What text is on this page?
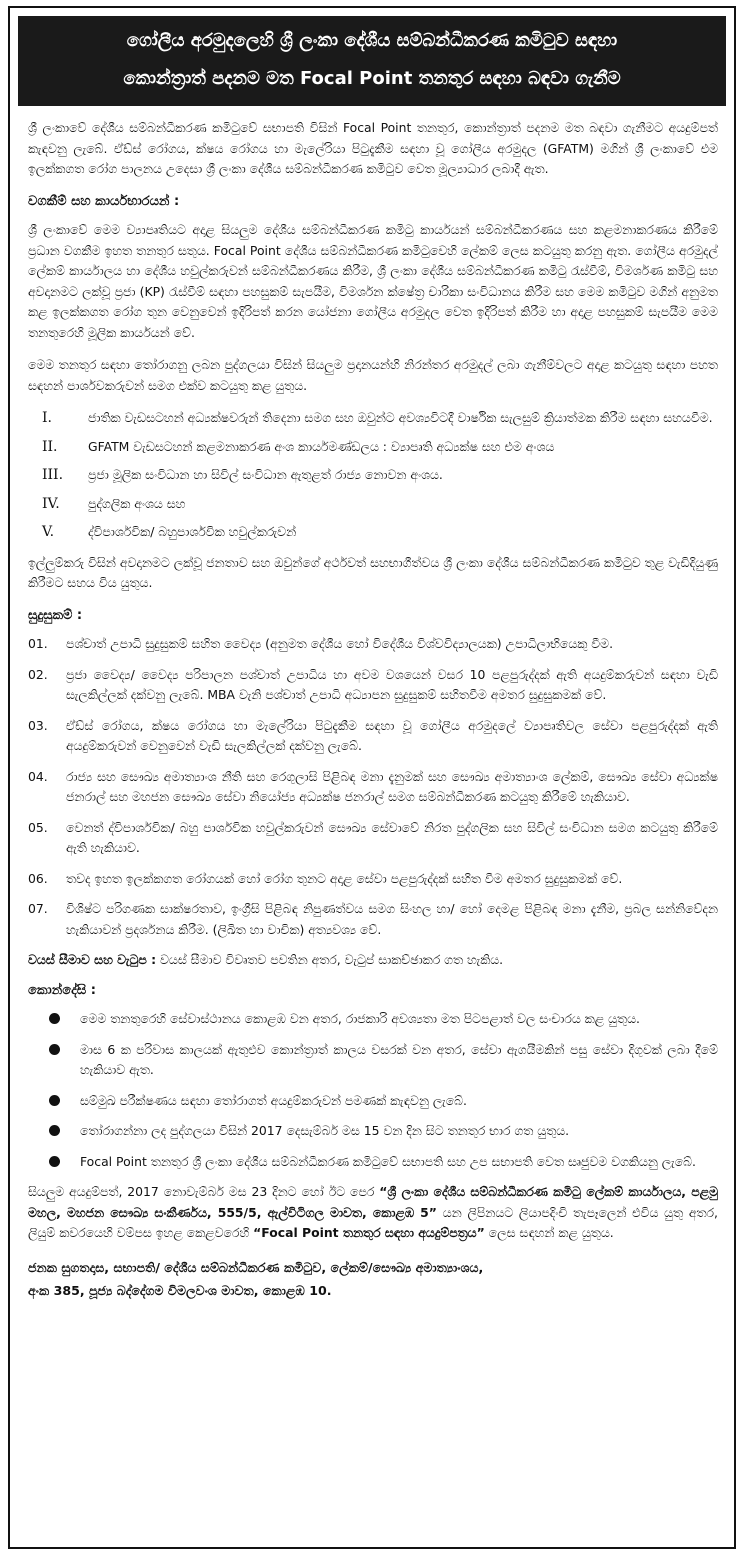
ගෝලීය අරමුදලෙහි ශ්‍රී ලංකා දේශීය සම්බන්ධීකරණ කමිටුව සඳහා
කොන්ත්‍රාත් පදනම මත Focal Point තනතුර සඳහා බඳවා ගැනීම

ශ්‍රී ලංකාවේ දේශීය සම්බන්ධීකරණ කමිටුවේ සභාපති විසින් Focal Point තනතුර, කොන්ත්‍රාත් පදනම මත බඳවා ගැනීමට අයදුම්පත් කැඳවනු ලැබේ. ඒඩ්ස් රෝගය, ක්ෂය රෝගය හා මැලේරියා පිටුදැකීම සඳහා වූ ගෝලීය අරමුදල (GFATM) මගින් ශ්‍රී ලංකාවේ එම ඉලක්කගත රෝග පාලනය උදෙසා ශ්‍රී ලංකා දේශීය සම්බන්ධීකරණ කමිටුව වෙත මූල්‍යාධාර ලබාදී ඇත.

වගකීම් සහ කාර්යභාරයන් :

ශ්‍රී ලංකාවේ මෙම ව්‍යාපෘතියට අදාළ සියලුම දේශීය සම්බන්ධීකරණ කමිටු කාර්යයන් සම්බන්ධීකරණය සහ කළමනාකරණය කිරීමේ ප්‍රධාන වගකීම ඉහත තනතුර සතුය. Focal Point දේශීය සම්බන්ධීකරණ කමිටුවෙහි ලේකම් ලෙස කටයුතු කරනු ඇත. ගෝලීය අරමුදල් ලේකම් කාර්යාලය හා දේශීය හවුල්කරුවන් සම්බන්ධීකරණය කිරීම, ශ්‍රී ලංකා දේශීය සම්බන්ධීකරණ කමිටු රැස්වීම්, විමර්ශණ කමිටු සහ අවදානමට ලක්වූ ප්‍රජා (KP) රැස්වීම් සඳහා පහසුකම් සැපයීම, විමර්ශන ක්ෂේත්‍ර චාරිකා සංවිධානය කිරීම සහ මෙම කමිටුව මගින් අනුමත කළ ඉලක්කගත රෝග තුන වෙනුවෙන් ඉදිරිපත් කරන යෝජනා ගෝලීය අරමුදල වෙත ඉදිරිපත් කිරීම හා අදාළ පහසුකම් සැපයීම මෙම තනතුරෙහි මූලික කාර්යයන් වේ.

මෙම තනතුර සඳහා තෝරාගනු ලබන පුද්ගලයා විසින් සියලුම ප්‍රදානයන්හි නිරන්තර අරමුදල් ලබා ගැනීම්වලට අදාළ කටයුතු සඳහා පහත සඳහන් පාර්ශවකරුවන් සමග එක්ව කටයුතු කළ යුතුය.

I.	ජාතික වැඩසටහන් අධ්‍යක්ෂවරුන් තිදෙනා සමග සහ ඔවුන්ට අවශ්‍යවිටදී වාර්ෂික සැලසුම් ක්‍රියාත්මක කිරීම සඳහා සහයවීම.
II.	GFATM වැඩසටහන් කළමනාකරණ අංශ කාර්යමණ්ඩලය : ව්‍යාපෘති අධ්‍යක්ෂ සහ එම අංශය
III.	ප්‍රජා මූලික සංවිධාන හා සිවිල් සංවිධාන ඇතුළත් රාජ්‍ය නොවන අංශය.
IV.	පුද්ගලික අංශය සහ
V.	ද්විපාර්ශවික/ බහුපාර්ශවික හවුල්කරුවන්

ඉල්ලුම්කරු විසින් අවදානමට ලක්වූ ජනතාව සහ ඔවුන්ගේ අර්ථවත් සහභාගීත්වය ශ්‍රී ලංකා දේශීය සම්බන්ධීකරණ කමිටුව තුළ වැඩිදියුණු කිරීමට සහය විය යුතුය.

සුදුසුකම් :
01.	පශ්චාත් උපාධි සුදුසුකම් සහිත වෛද්‍ය (අනුමත දේශීය හෝ විදේශීය විශ්වවිද්‍යාලයක) උපාධිලාභියෙකු වීම.
02.	ප්‍රජා වෛද්‍ය/ වෛද්‍ය පරිපාලන පශ්චාත් උපාධිය හා අවම වශයෙන් වසර 10 පළපුරුද්දක් ඇති අයදුම්කරුවන් සඳහා වැඩි සැලකිල්ලක් දක්වනු ලැබේ. MBA වැනි පශ්චාත් උපාධි අධ්‍යාපන සුදුසුකම් සහිතවීම අමතර සුදුසුකමක් වේ.
03.	ඒඩ්ස් රෝගය, ක්ෂය රෝගය හා මැලේරියා පිටුදැකීම සඳහා වූ ගෝලීය අරමුදලේ ව්‍යාපෘතිවල සේවා පළපුරුද්දක් ඇති අයදුම්කරුවන් වෙනුවෙන් වැඩි සැලකිල්ලක් දක්වනු ලැබේ.
04.	රාජ්‍ය සහ සෞඛ්‍ය අමාත්‍යාංශ නීති සහ රෙගුලාසි පිළිබඳ මනා දැනුමක් සහ සෞඛ්‍ය අමාත්‍යාංශ ලේකම්, සෞඛ්‍ය සේවා අධ්‍යක්ෂ ජනරාල් සහ මහජන සෞඛ්‍ය සේවා නියෝජ්‍ය අධ්‍යක්ෂ ජනරාල් සමග සම්බන්ධීකරණ කටයුතු කිරීමේ හැකියාව.
05.	වෙනත් ද්විපාර්ශවික/ බහු පාර්ශවික හවුල්කරුවන් සෞඛ්‍ය සේවාවේ නිරත පුද්ගලික සහ සිවිල් සංවිධාන සමග කටයුතු කිරීමේ ඇති හැකියාව.
06.	තවද ඉහත ඉලක්කගත රෝගයක් හෝ රෝග තුනට අදාළ සේවා පළපුරුද්දක් සහිත වීම අමතර සුදුසුකමක් වේ.
07.	විශිෂ්ට පරිගණක සාක්ෂරතාව, ඉංග්‍රීසි පිළිබඳ නිපුණත්වය සමග සිංහල හා/ හෝ දෙමළ පිළිබඳ මනා දැනීම, ප්‍රබල සන්නිවේදන හැකියාවන් ප්‍රදර්ශනය කිරීම. (ලිඛිත හා වාචික) අත්‍යවශ්‍ය වේ.

වයස් සීමාව සහ වැටුප : වයස් සීමාව විවෘතව පවතින අතර, වැටුප් සාකච්ඡාකර ගත හැකිය.

කොන්දේසි :
මෙම තනතුරෙහි සේවාස්ථානය කොළඹ වන අතර, රාජකාරි අවශ්‍යතා මත පිටපළාත් වල සංචාරය කළ යුතුය.
මාස 6 ක පරිවාස කාලයක් ඇතුළුව කොන්ත්‍රාත් කාලය වසරක් වන අතර, සේවා ඇගයීමකින් පසු සේවා දිගුවක් ලබා දීමේ හැකියාව ඇත.
සම්මුඛ පරීක්ෂණය සඳහා තෝරාගත් අයදුම්කරුවන් පමණක් කැඳවනු ලැබේ.
තෝරාගන්නා ලද පුද්ගලයා විසින් 2017 දෙසැම්බර් මස 15 වන දින සිට තනතුර භාර ගත යුතුය.
Focal Point තනතුර ශ්‍රී ලංකා දේශීය සම්බන්ධීකරණ කමිටුවේ සභාපති සහ උප සභාපති වෙත සෘජුවම වගකියනු ලැබේ.

සියලුම අයදුම්පත්, 2017 නොවැම්බර් මස 23 දිනට හෝ ඊට පෙර “ශ්‍රී ලංකා දේශීය සම්බන්ධීකරණ කමිටු ලේකම් කාර්යාලය, පළමු මහල, මහජන සෞඛ්‍ය සංකීර්ණය, 555/5, ඇල්විටිගල මාවත, කොළඹ 5” යන ලිපිනයට ලියාපදිංචි තැපෑලෙන් එවිය යුතු අතර, ලියුම් කවරයෙහි වම්පස ඉහළ කෙළවරෙහි “Focal Point තනතුර සඳහා අයදුම්පත්‍රය” ලෙස සඳහන් කළ යුතුය.

ජනක සුගතදාස, සභාපති/ දේශීය සම්බන්ධීකරණ කමිටුව, ලේකම්/සෞඛ්‍ය අමාත්‍යාංශය,
අංක 385, පූජ්‍ය බද්දේගම විමලවංශ මාවත, කොළඹ 10.
